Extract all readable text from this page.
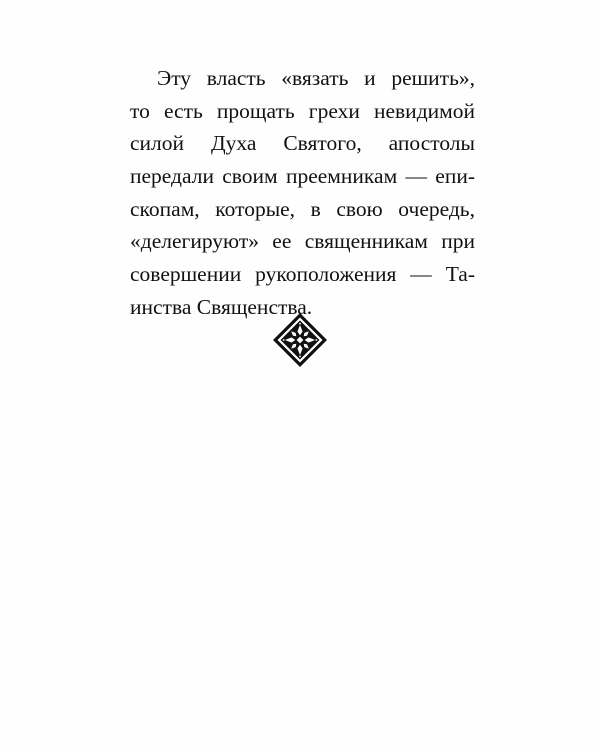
Эту власть «вязать и решить»,
то есть прощать грехи невидимой
силой Духа Святого, апостолы
передали своим преемникам — епи-
скопам, которые, в свою очередь,
«делегируют» ее священникам при
совершении рукоположения — Та-
инства Священства.
